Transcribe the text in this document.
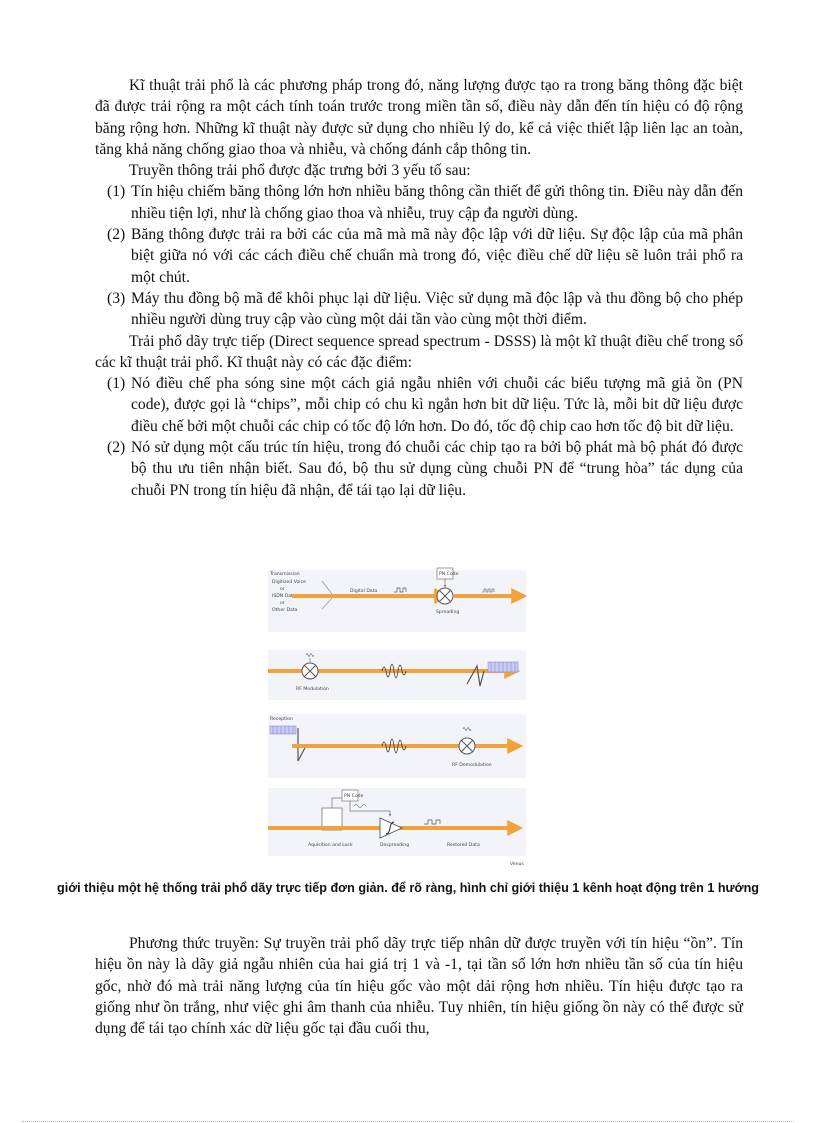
Kĩ thuật trải phổ là các phương pháp trong đó, năng lượng được tạo ra trong băng thông đặc biệt đã được trải rộng ra một cách tính toán trước trong miền tần số, điều này dẫn đến tín hiệu có độ rộng băng rộng hơn. Những kĩ thuật này được sử dụng cho nhiều lý do, kể cả việc thiết lập liên lạc an toàn, tăng khả năng chống giao thoa và nhiễu, và chống đánh cắp thông tin.

Truyền thông trải phổ được đặc trưng bởi 3 yếu tố sau:

(1) Tín hiệu chiếm băng thông lớn hơn nhiều băng thông cần thiết để gửi thông tin. Điều này dẫn đến nhiều tiện lợi, như là chống giao thoa và nhiễu, truy cập đa người dùng.
(2) Băng thông được trải ra bởi các của mã mà mã này độc lập với dữ liệu. Sự độc lập của mã phân biệt giữa nó với các cách điều chế chuẩn mà trong đó, việc điều chế dữ liệu sẽ luôn trải phổ ra một chút.
(3) Máy thu đồng bộ mã để khôi phục lại dữ liệu. Việc sử dụng mã độc lập và thu đồng bộ cho phép nhiều người dùng truy cập vào cùng một dải tần vào cùng một thời điểm.

Trải phổ dãy trực tiếp (Direct sequence spread spectrum - DSSS) là một kĩ thuật điều chế trong số các kĩ thuật trải phổ. Kĩ thuật này có các đặc điểm:

(1) Nó điều chế pha sóng sine một cách giả ngẫu nhiên với chuỗi các biểu tượng mã giả ồn (PN code), được gọi là “chips”, mỗi chip có chu kì ngắn hơn bit dữ liệu. Tức là, mỗi bit dữ liệu được điều chế bởi một chuỗi các chip có tốc độ lớn hơn. Do đó, tốc độ chip cao hơn tốc độ bit dữ liệu.
(2) Nó sử dụng một cấu trúc tín hiệu, trong đó chuỗi các chip tạo ra bởi bộ phát mà bộ phát đó được bộ thu ưu tiên nhận biết. Sau đó, bộ thu sử dụng cùng chuỗi PN để “trung hòa” tác dụng của chuỗi PN trong tín hiệu đã nhận, để tái tạo lại dữ liệu.
Transmission
Digitized Voice
or
ISDN Data
or
Other Data
Digital Data
PN Code
Spreading
RF Modulation
Reception
RF Demodulation
PN Code
Aquisition and Lock	Despreading	Restored Data
Venus
giới thiệu một hệ thống trải phổ dãy trực tiếp đơn giản. để rõ ràng, hình chỉ giới thiệu 1 kênh hoạt động trên 1 hướng

Phương thức truyền: Sự truyền trải phổ dãy trực tiếp nhân dữ được truyền với tín hiệu “ồn”. Tín hiệu ồn này là dãy giả ngẫu nhiên của hai giá trị 1 và -1, tại tần số lớn hơn nhiều tần số của tín hiệu gốc, nhờ đó mà trải năng lượng của tín hiệu gốc vào một dải rộng hơn nhiều. Tín hiệu được tạo ra giống như ồn trắng, như việc ghi âm thanh của nhiễu. Tuy nhiên, tín hiệu giống ồn này có thể được sử dụng để tái tạo chính xác dữ liệu gốc tại đầu cuối thu,
